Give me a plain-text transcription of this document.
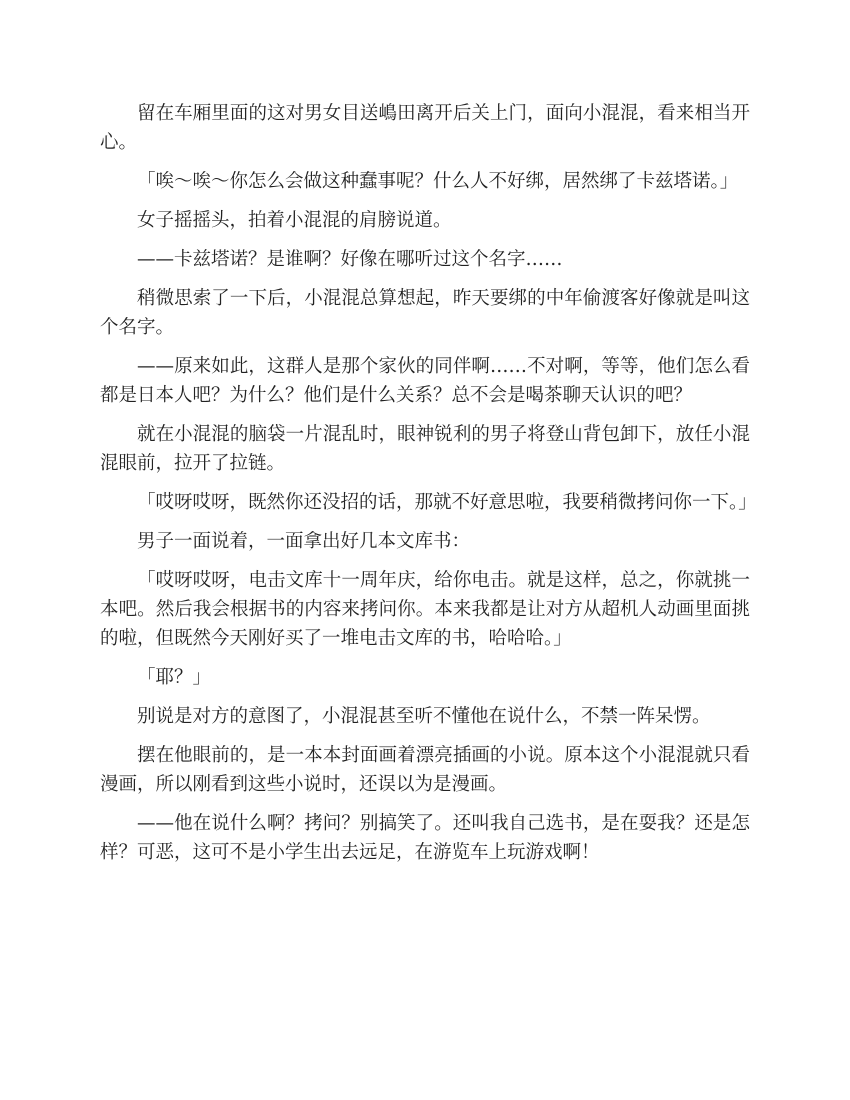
留在车厢里面的这对男女目送嶋田离开后关上门，面向小混混，看来相当开心。

「唉～唉～你怎么会做这种蠢事呢？什么人不好绑，居然绑了卡兹塔诺。」

女子摇摇头，拍着小混混的肩膀说道。

——卡兹塔诺？是谁啊？好像在哪听过这个名字……

稍微思索了一下后，小混混总算想起，昨天要绑的中年偷渡客好像就是叫这个名字。

——原来如此，这群人是那个家伙的同伴啊……不对啊，等等，他们怎么看都是日本人吧？为什么？他们是什么关系？总不会是喝茶聊天认识的吧？

就在小混混的脑袋一片混乱时，眼神锐利的男子将登山背包卸下，放任小混混眼前，拉开了拉链。

「哎呀哎呀，既然你还没招的话，那就不好意思啦，我要稍微拷问你一下。」

男子一面说着，一面拿出好几本文库书：

「哎呀哎呀，电击文库十一周年庆，给你电击。就是这样，总之，你就挑一本吧。然后我会根据书的内容来拷问你。本来我都是让对方从超机人动画里面挑的啦，但既然今天刚好买了一堆电击文库的书，哈哈哈。」

「耶？」

别说是对方的意图了，小混混甚至听不懂他在说什么，不禁一阵呆愣。

摆在他眼前的，是一本本封面画着漂亮插画的小说。原本这个小混混就只看漫画，所以刚看到这些小说时，还误以为是漫画。

——他在说什么啊？拷问？别搞笑了。还叫我自己选书，是在耍我？还是怎样？可恶，这可不是小学生出去远足，在游览车上玩游戏啊！
